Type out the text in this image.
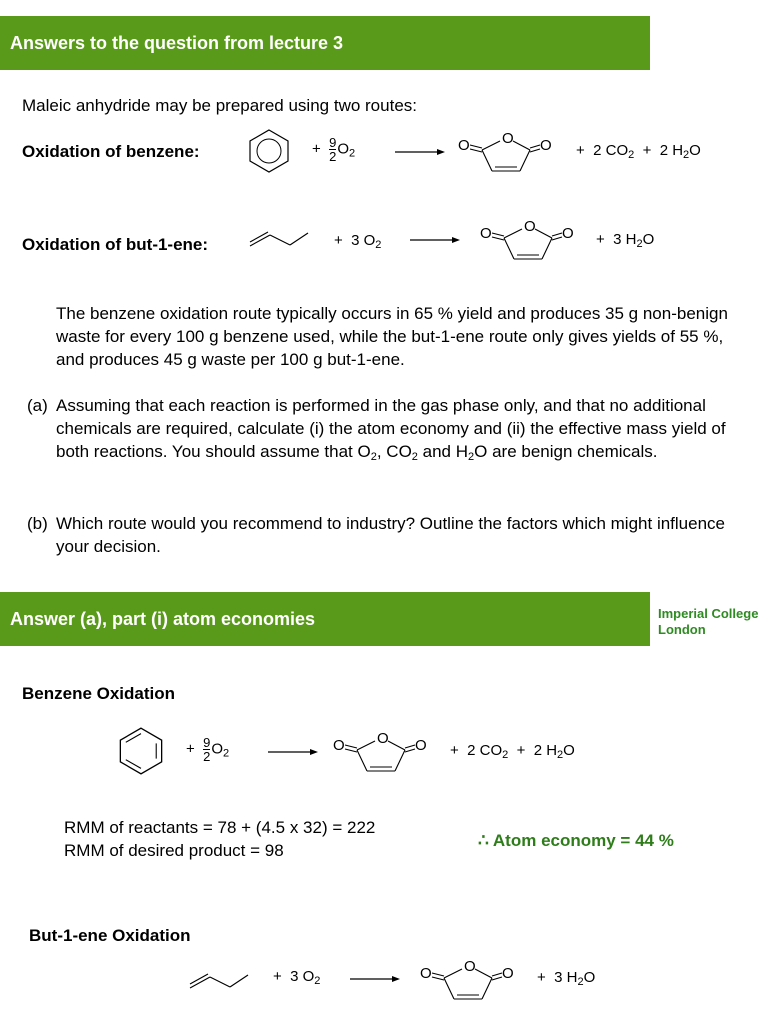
Answers to the question from lecture 3
Maleic anhydride may be prepared using two routes:
Oxidation of benzene:	+ $\frac{9}{2} O_2 \to O$ O O + 2 $CO_2 + 2$ $H_2O$
Oxidation of but-1-ene:	+ 3 $O_2 \to O$ O O + 3 $H_2O$
The benzene oxidation route typically occurs in 65 % yield and produces 35 g non-benign waste for every 100 g benzene used, while the but-1-ene route only gives yields of 55 %, and produces 45 g waste per 100 g but-1-ene.
(a) Assuming that each reaction is performed in the gas phase only, and that no additional chemicals are required, calculate (i) the atom economy and (ii) the effective mass yield of both reactions. You should assume that $O_2$, $CO_2$ and $H_2O$ are benign chemicals.
(b) Which route would you recommend to industry? Outline the factors which might influence your decision.
Answer (a), part (i) atom economies	Imperial College
London
Benzene Oxidation
+ $\frac{9}{2} O_2 \to O$ O O + 2 $CO_2 + 2$ $H_2O$
RMM of reactants = 78 + (4.5 x 32) = 222
RMM of desired product = 98
∴ Atom economy = 44 %
But-1-ene Oxidation
+ 3 $O_2 \to O$ O O + 3 $H_2O$
